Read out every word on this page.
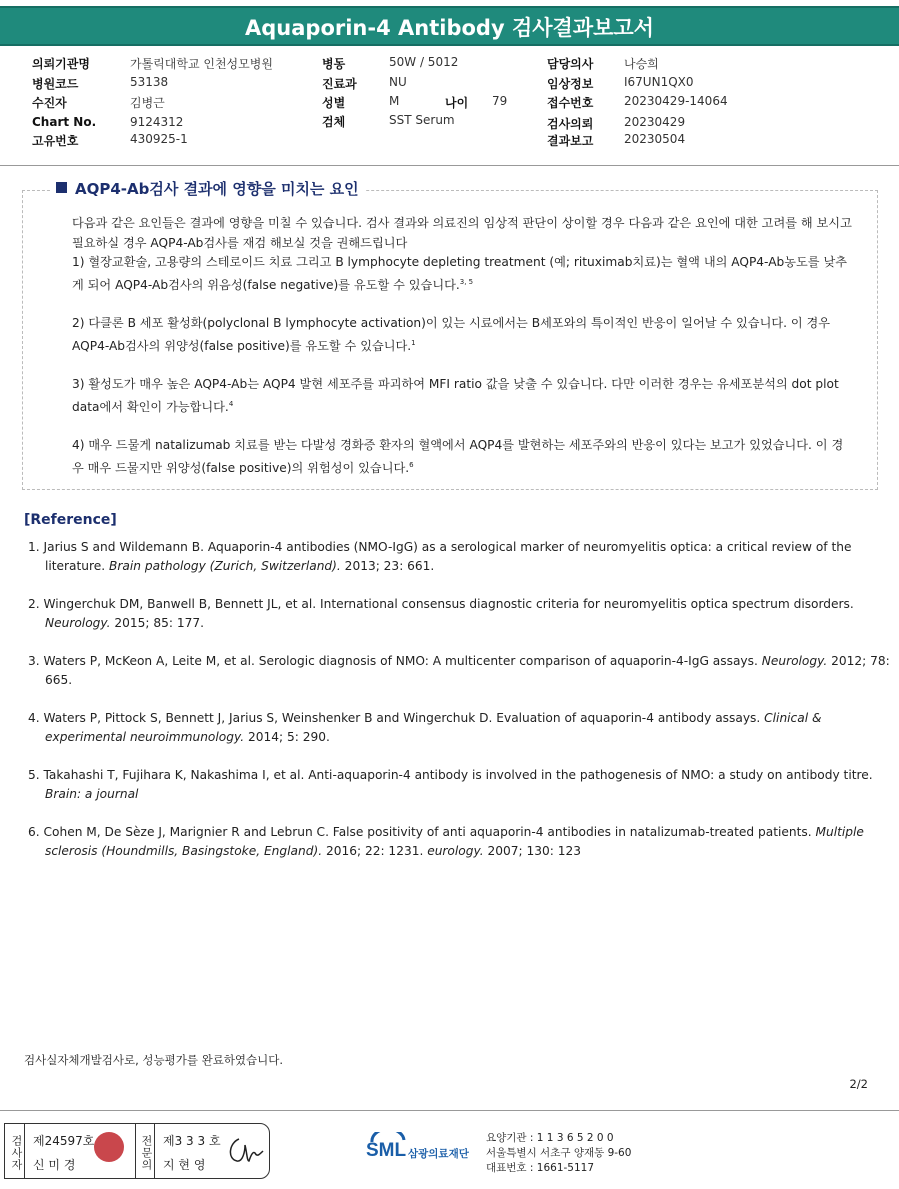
Aquaporin-4 Antibody 검사결과보고서
의뢰기관명	가톨릭대학교 인천성모병원
병원코드	53138
수진자	김병근
Chart No.	9124312
고유번호	430925-1
병동	50W / 5012
진료과	NU
성별	M	나이 79
검체	SST Serum
담당의사	나승희
임상정보	I67UN1QX0
접수번호	20230429-14064
검사의뢰	20230429
결과보고	20230504
AQP4-Ab검사 결과에 영향을 미치는 요인

다음과 같은 요인들은 결과에 영향을 미칠 수 있습니다. 검사 결과와 의료진의 임상적 판단이 상이할 경우 다음과 같은 요인에 대한 고려를 해 보시고 필요하실 경우 AQP4-Ab검사를 재검 해보실 것을 권해드립니다

1) 혈장교환술, 고용량의 스테로이드 치료 그리고 B lymphocyte depleting treatment (예; rituximab치료)는 혈액 내의 AQP4-Ab농도를 낮추게 되어 AQP4-Ab검사의 위음성(false negative)를 유도할 수 있습니다.$^{3, 5}$

2) 다클론 B 세포 활성화(polyclonal B lymphocyte activation)이 있는 시료에서는 B세포와의 특이적인 반응이 일어날 수 있습니다. 이 경우 AQP4-Ab검사의 위양성(false positive)를 유도할 수 있습니다.$^1$

3) 활성도가 매우 높은 AQP4-Ab는 AQP4 발현 세포주를 파괴하여 MFI ratio 값을 낮출 수 있습니다. 다만 이러한 경우는 유세포분석의 dot plot data에서 확인이 가능합니다.$^4$

4) 매우 드물게 natalizumab 치료를 받는 다발성 경화증 환자의 혈액에서 AQP4를 발현하는 세포주와의 반응이 있다는 보고가 있었습니다. 이 경우 매우 드물지만 위양성(false positive)의 위험성이 있습니다.$^6$

[Reference]
1. Jarius S and Wildemann B. Aquaporin-4 antibodies (NMO-IgG) as a serological marker of neuromyelitis optica: a critical review of the literature. Brain pathology (Zurich, Switzerland). 2013; 23: 661.
2. Wingerchuk DM, Banwell B, Bennett JL, et al. International consensus diagnostic criteria for neuromyelitis optica spectrum disorders. Neurology. 2015; 85: 177.
3. Waters P, McKeon A, Leite M, et al. Serologic diagnosis of NMO: A multicenter comparison of aquaporin-4-IgG assays. Neurology. 2012; 78: 665.
4. Waters P, Pittock S, Bennett J, Jarius S, Weinshenker B and Wingerchuk D. Evaluation of aquaporin-4 antibody assays. Clinical & experimental neuroimmunology. 2014; 5: 290.
5. Takahashi T, Fujihara K, Nakashima I, et al. Anti-aquaporin-4 antibody is involved in the pathogenesis of NMO: a study on antibody titre. Brain: a journal
6. Cohen M, De Sèze J, Marignier R and Lebrun C. False positivity of anti aquaporin-4 antibodies in natalizumab-treated patients. Multiple sclerosis (Houndmills, Basingstoke, England). 2016; 22: 1231. eurology. 2007; 130: 123
검사실자체개발검사로, 성능평가를 완료하였습니다.
2/2
검사자 제24597호
신 미 경	전문의 제3 3 3 호
지 현 영
SML 삼광의료재단
요양기관 : 1 1 3 6 5 2 0 0
서울특별시 서초구 양재동 9-60
대표번호 : 1661-5117
